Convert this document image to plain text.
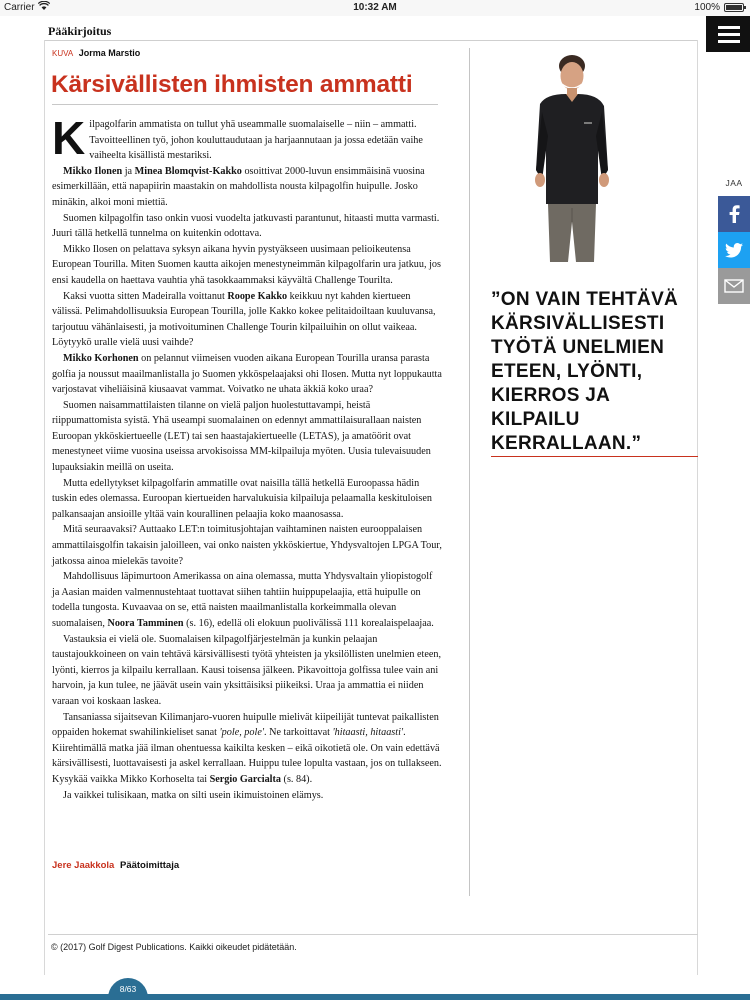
Carrier	10:32 AM	100%
Pääkirjoitus
KUVA Jorma Marstio
Kärsivällisten ihmisten ammatti

Kilpagolfarin ammatista on tullut yhä useammalle suomalaiselle – niin – ammatti. Tavoitteellinen työ, johon kouluttaudutaan ja harjaannutaan ja jossa edetään vaihe vaiheelta kisällistä mestariksi.

Mikko Ilonen ja Minea Blomqvist-Kakko osoittivat 2000-luvun ensimmäisinä vuosina esimerkillään, että napapiirin maastakin on mahdollista nousta kilpagolfin huipulle. Josko minäkin, alkoi moni miettiä.

Suomen kilpagolfin taso onkin vuosi vuodelta jatkuvasti parantunut, hitaasti mutta varmasti. Juuri tällä hetkellä tunnelma on kuitenkin odottava.

Mikko Ilosen on pelattava syksyn aikana hyvin pystyäkseen uusimaan pelioikeutensa European Tourilla. Miten Suomen kautta aikojen menestyneimmän kilpagolfarin ura jatkuu, jos ensi kaudella on haettava vauhtia yhä tasokkaammaksi käyvältä Challenge Tourilta.

Kaksi vuotta sitten Madeiralla voittanut Roope Kakko keikkuu nyt kahden kiertueen välissä. Pelimahdollisuuksia European Tourilla, jolle Kakko kokee pelitaidoiltaan kuuluvansa, tarjoutuu vähänlaisesti, ja motivoituminen Challenge Tourin kilpailuihin on ollut vaikeaa. Löytyykö uralle vielä uusi vaihde?

Mikko Korhonen on pelannut viimeisen vuoden aikana European Tourilla uransa parasta golfia ja noussut maailmanlistalla jo Suomen ykköspelaajaksi ohi Ilosen. Mutta nyt loppukautta varjostavat viheliäisinä kiusaavat vammat. Voivatko ne uhata äkkiä koko uraa?

Suomen naisammattilaisten tilanne on vielä paljon huolestuttavampi, heistä riippumattomista syistä. Yhä useampi suomalainen on edennyt ammattilaisurallaan naisten Euroopan ykköskiertueelle (LET) tai sen haastajakiertueelle (LETAS), ja amatöörit ovat menestyneet viime vuosina useissa arvokisoissa MM-kilpailuja myöten. Uusia tulevaisuuden lupauksiakin meillä on useita.

Mutta edellytykset kilpagolfarin ammatille ovat naisilla tällä hetkellä Euroopassa hädin tuskin edes olemassa. Euroopan kiertueiden harvalukuisia kilpailuja pelaamalla keskituloisen palkansaajan ansioille yltää vain kourallinen pelaajia koko maanosassa.

Mitä seuraavaksi? Auttaako LET:n toimitusjohtajan vaihtaminen naisten eurooppalaisen ammattilaisgolfin takaisin jaloilleen, vai onko naisten ykköskiertue, Yhdysvaltojen LPGA Tour, jatkossa ainoa mielekäs tavoite?

Mahdollisuus läpimurtoon Amerikassa on aina olemassa, mutta Yhdysvaltain yliopistogolf ja Aasian maiden valmennustehtaat tuottavat siihen tahtiin huippupelaajia, että huipulle on todella tungosta. Kuvaavaa on se, että naisten maailmanlistalla korkeimmalla olevan suomalaisen, Noora Tamminen (s. 16), edellä oli elokuun puolivälissä 111 korealaispelaajaa.

Vastauksia ei vielä ole. Suomalaisen kilpagolfjärjestelmän ja kunkin pelaajan taustajoukkoineen on vain tehtävä kärsivällisesti työtä yhteisten ja yksilöllisten unelmien eteen, lyönti, kierros ja kilpailu kerrallaan. Kausi toisensa jälkeen. Pikavoittoja golfissa tulee vain ani harvoin, ja kun tulee, ne jäävät usein vain yksittäisiksi piikeiksi. Uraa ja ammattia ei niiden varaan voi koskaan laskea.

Tansaniassa sijaitsevan Kilimanjaro-vuoren huipulle mielivät kiipeilijät tuntevat paikallisten oppaiden hokemat swahilinkieliset sanat 'pole, pole'. Ne tarkoittavat 'hitaasti, hitaasti'. Kiirehtimällä matka jää ilman ohentuessa kaikilta kesken – eikä oikotietä ole. On vain edettävä kärsivällisesti, luottavaisesti ja askel kerrallaan. Huippu tulee lopulta vastaan, jos on tullakseen. Kysykää vaikka Mikko Korhoselta tai Sergio Garcialta (s. 84).

Ja vaikkei tulisikaan, matka on silti usein ikimuistoinen elämys.

Jere Jaakkola Päätoimittaja
”ON VAIN TEHTÄVÄ KÄRSIVÄLLISESTI TYÖTÄ UNELMIEN ETEEN, LYÖNTI, KIERROS JA KILPAILU KERRALLAAN.”
JAA
© (2017) Golf Digest Publications. Kaikki oikeudet pidätetään.
8/63
